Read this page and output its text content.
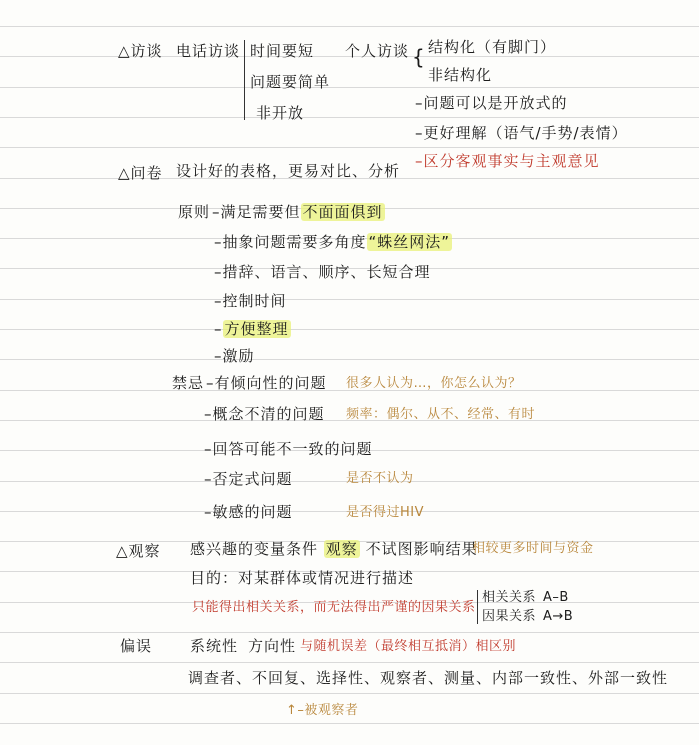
△访谈 电话访谈 时间要短
问题要简单
非开放
个人访谈 { 结构化（有脚门）
非结构化
–问题可以是开放式的
–更好理解（语气/手势/表情）
–区分客观事实与主观意见
△问卷 设计好的表格，更易对比、分析
原则 –满足需要但 不面面俱到
–抽象问题需要多角度 “蛛丝网法”
–措辞、语言、顺序、长短合理
–控制时间
– 方便整理
–激励
禁忌 –有倾向性的问题 很多人认为…，你怎么认为？
–概念不清的问题 频率：偶尔、从不、经常、有时
–回答可能不一致的问题
–否定式问题	是否不认为
–敏感的问题	是否得过HIV
△观察 感兴趣的变量条件 观察 不试图影响结果
相较更多时间与资金
目的：对某群体或情况进行描述
只能得出相关关系，而无法得出严谨的因果关系
相关关系 A–B
因果关系 A→B
偏误	系统性 方向性 与随机误差（最终相互抵消）相区别
调查者、不回复、选择性、观察者、测量、内部一致性、外部一致性
↑–被观察者
